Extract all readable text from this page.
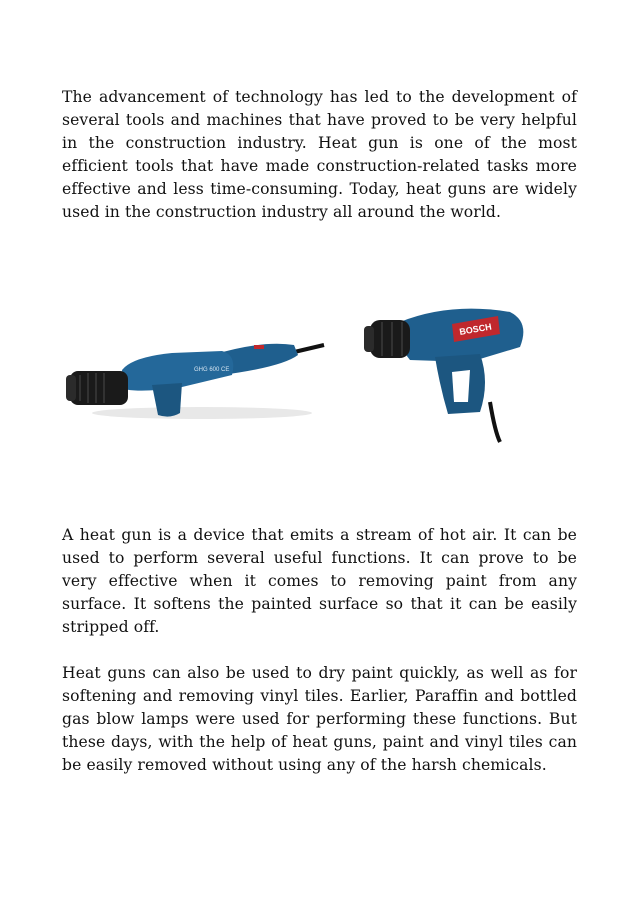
The advancement of technology has led to the development of several tools and machines that have proved to be very helpful in the construction industry. Heat gun is one of the most efficient tools that have made construction-related tasks more effective and less time-consuming. Today, heat guns are widely used in the construction industry all around the world.

GHG 600 CE
BOSCH

A heat gun is a device that emits a stream of hot air. It can be used to perform several useful functions. It can prove to be very effective when it comes to removing paint from any surface. It softens the painted surface so that it can be easily stripped off.

Heat guns can also be used to dry paint quickly, as well as for softening and removing vinyl tiles. Earlier, Paraffin and bottled gas blow lamps were used for performing these functions. But these days, with the help of heat guns, paint and vinyl tiles can be easily removed without using any of the harsh chemicals.
